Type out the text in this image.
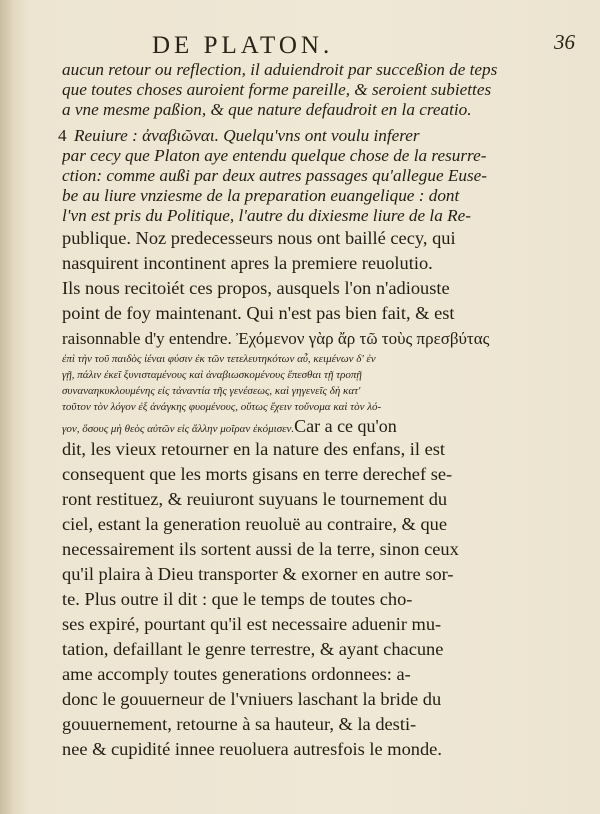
DE PLATON.	36
aucun retour ou reflection, il aduiendroit par succeßion de teps
que toutes choses auroient forme pareille, & seroient subiettes
a vne mesme paßion, & que nature defaudroit en la creatio.
4 Reuiure : ἀναβιῶναι. Quelqu'vns ont voulu inferer
par cecy que Platon aye entendu quelque chose de la resurre-
ction: comme außi par deux autres passages qu'allegue Euse-
be au liure vnziesme de la preparation euangelique : dont
l'vn est pris du Politique, l'autre du dixiesme liure de la Re-
publique. Noz predecesseurs nous ont baillé cecy, qui
nasquirent incontinent apres la premiere reuolutio.
Ils nous recitoiét ces propos, ausquels l'on n'adiouste
point de foy maintenant. Qui n'est pas bien fait, & est
raisonnable d'y entendre. Ἐχόμενον γὰρ ἄρ τῶ τοὺς πρεσβύτας
ἐπὶ τὴν τοῦ παιδὸς ἰέναι φύσιν ἐκ τῶν τετελευτηκότων αὖ, κειμένων δ' ἐν
γῇ, πάλιν ἐκεῖ ξυνισταμένους καὶ ἀναβιωσκομένους ἕπεσθαι τῇ τροπῇ
συναναηκυκλουμένης εἰς τἀναντία τῆς γενέσεως, καὶ γηγενεῖς δὴ κατ'
τοῦτον τὸν λόγον ἐξ ἀνάγκης φυομένους, οὕτως ἔχειν τοὔνομα καὶ τὸν λό-
γον, ὅσους μὴ θεὸς αὐτῶν εἰς ἄλλην μοῖραν ἐκόμισεν.Car a ce qu'on
dit, les vieux retourner en la nature des enfans, il est
consequent que les morts gisans en terre derechef se-
ront restituez, & reuiuront suyuans le tournement du
ciel, estant la generation reuoluë au contraire, & que
necessairement ils sortent aussi de la terre, sinon ceux
qu'il plaira à Dieu transporter & exorner en autre sor-
te. Plus outre il dit : que le temps de toutes cho-
ses expiré, pourtant qu'il est necessaire aduenir mu-
tation, defaillant le genre terrestre, & ayant chacune
ame accomply toutes generations ordonnees: a-
donc le gouuerneur de l'vniuers laschant la bride du
gouuernement, retourne à sa hauteur, & la desti-
nee & cupidité innee reuoluera autresfois le monde.
